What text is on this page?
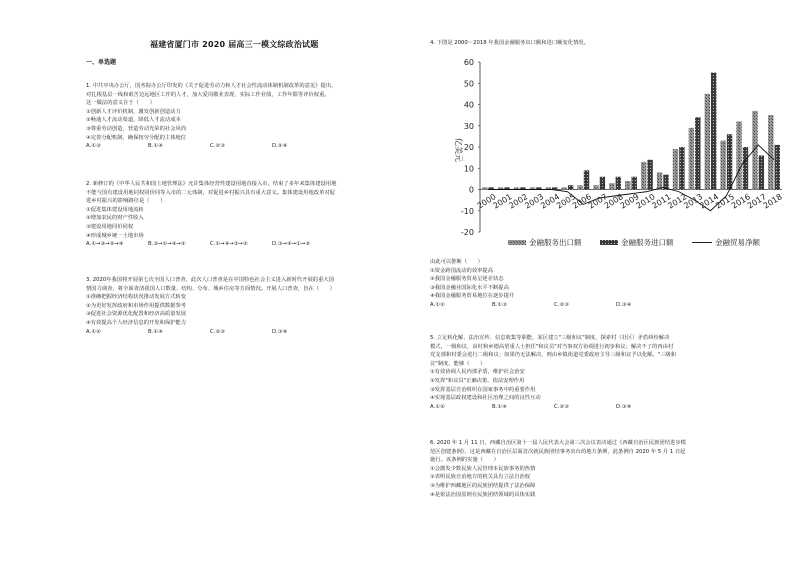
福建省厦门市 2020 届高三一模文综政治试题
一、单选题

1. 中共中央办公厅，国务院办公厅印发的《关于促进劳动力和人才社会性流动体制机制改革的意见》提出，

对扎根基层一线和艰苦边远地区工作的人才，加大爱岗敬业表现、实际工作业绩，工作年限等评价权重。

这一做法的意义在于（　　）

①创新人才评价机制，激发创新创造活力

②畅通人才流动渠道，降低人才流动成本

③尊重劳动创造，营造劳动光荣的社会风尚

④完善分配机制，确保按劳分配的主体地位

A.①③	B.①④	C.②③	D.②④

2. 新修订的《中华人民共和国土地管理法》允许集体经营性建设用地直接入市，结束了多年来集体建设用地

不能与国有建设用地同权同价同等入市的二元体制，对促进乡村振兴具有重大意义。集体建设用地改革对促

进乡村振兴的影响路径是（　　）

①促进集体建设用地流转

②增加农民的财产性收入

③建设用地同价同权

④形成城乡统一土地市场

A.①→③→②→④	B.③→①→④→②	C.①→④→③→②	D.③→④→①→②

3. 2020年我国将开展第七次全国人口普查，此次人口普查是在中国特色社会主义进入新时代开展的重大国

情国力调查，将全面查清我国人口数量、结构、分布、城乡住房等方面情况。开展人口普查，旨在（　　）

①准确把握经济结构状况推动发展方式转变

②为更好发挥政府和市场作用提供数据参考

③促进社会资源优化配置和经济高质量发展

④有效提高个人经济信息的开发和保护能力

A.①②	B.①④	C.②③	D.③④

4. 下图是 2000～2018 年我国金融服务出口额和进口额变化情况。

-20
-10
0
10
20
30
40
50
60
2000
2001
2002
2003
2004
2005
2006
2007
2008
2009
2010
2011
2012
2013
2014
2015
2016
2017
2018
亿美元
金融服务出口额	金融服务进口额	金融贸易净额

由此可以推断（　　）

①资金跨国流动的效率提高

②我国金融服务贸易呈逆差状态

③我国金融业国际化水平不断提高

④我国金融服务贸易地位在逐步提升

A.①②	B.①③	C.②③	D.③④

5. 立足转化解、法治宣传、信息收集等职能，某区建立"三级和议"制度，探索村（社区）矛盾纠纷解决

模式，一级和议，由村和乡德高望重人士担任"和议员"对当事双方协调进行初步和议；解决不了的再由村

党支部和村委会进行二级和议；如果仍无法解决，则由乡镇街道党委政府主导三级和议予以化解。"三级和

议"制度，能够（　　）

①有效协调人民内部矛盾，维护社会治安

②发挥"和议员"正确决策、依法安理作用

③发挥基层自治组织在国家事务中的重要作用

④实现基层政权建设和社区治理之间的良性互动

A.①②	B.①④	C.②③	D.③④

6. 2020 年 1 月 11 日，西藏自治区第十一届人民代表大会第三次会议表决通过《西藏自治区民族团结进步模

范区创建条例》，这是西藏在自治区层面首次就民族团结事务出台的地方条例，此条例自 2020 年 5 月 1 日起

施行。该条例的实施（　　）

①会激发少数民族人民管理本民族事务的热情

②表明民族自治地方的机关具有立法自治权

③为维护西藏地区的民族团结提供了法治保障

④是依法治国原则在民族团结领域的具体实践
